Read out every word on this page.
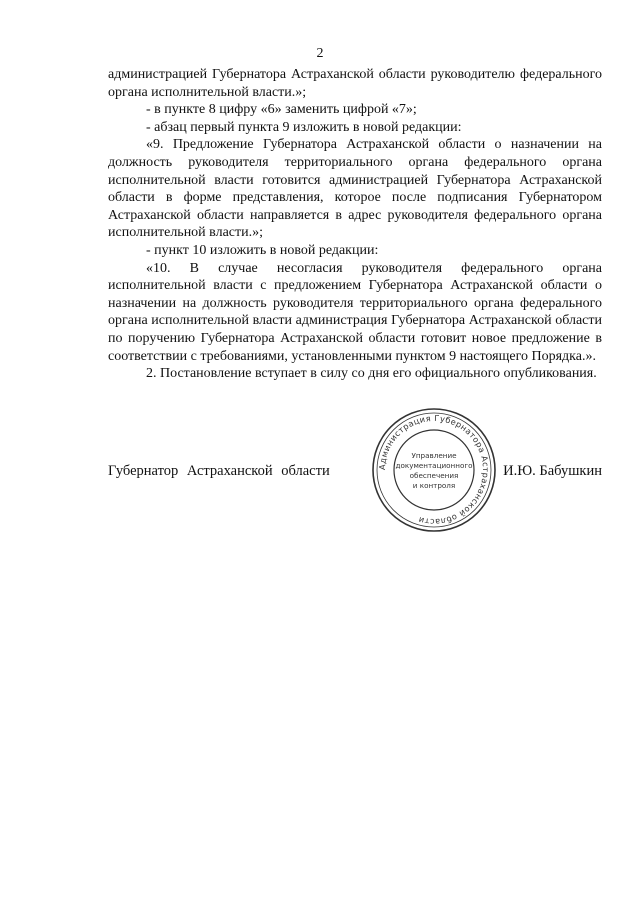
2

администрацией Губернатора Астраханской области руководителю федерального органа исполнительной власти.»;

- в пункте 8 цифру «6» заменить цифрой «7»;

- абзац первый пункта 9 изложить в новой редакции:

«9. Предложение Губернатора Астраханской области о назначении на должность руководителя территориального органа федерального органа исполнительной власти готовится администрацией Губернатора Астраханской области в форме представления, которое после подписания Губернатором Астраханской области направляется в адрес руководителя федерального органа исполнительной власти.»;

- пункт 10 изложить в новой редакции:

«10. В случае несогласия руководителя федерального органа исполнительной власти с предложением Губернатора Астраханской области о назначении на должность руководителя территориального органа федерального органа исполнительной власти администрация Губернатора Астраханской области по поручению Губернатора Астраханской области готовит новое предложение в соответствии с требованиями, установленными пунктом 9 настоящего Порядка.».

2. Постановление вступает в силу со дня его официального опубликования.

Губернатор Астраханской области	И.Ю. Бабушкин
Администрация Губернатора Астраханской области
Управление
документационного
обеспечения
и контроля
